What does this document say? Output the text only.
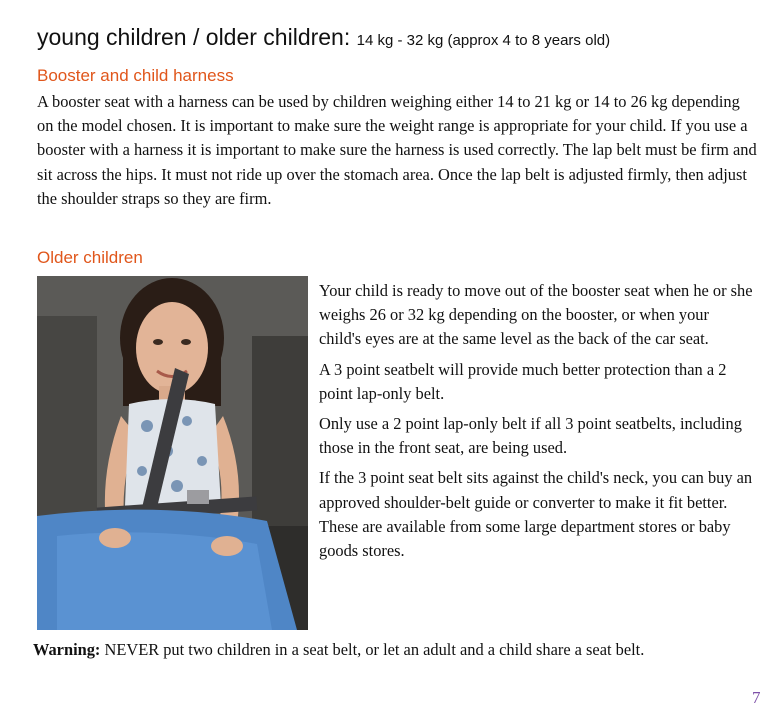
young children / older children: 14 kg - 32 kg (approx 4 to 8 years old)
Booster and child harness

A booster seat with a harness can be used by children weighing either 14 to 21 kg or 14 to 26 kg depending on the model chosen. It is important to make sure the weight range is appropriate for your child. If you use a booster with a harness it is important to make sure the harness is used correctly. The lap belt must be firm and sit across the hips. It must not ride up over the stomach area. Once the lap belt is adjusted firmly, then adjust the shoulder straps so they are firm.

Older children

Your child is ready to move out of the booster seat when he or she weighs 26 or 32 kg depending on the booster, or when your child's eyes are at the same level as the back of the car seat.

A 3 point seatbelt will provide much better protection than a 2 point lap-only belt.

Only use a 2 point lap-only belt if all 3 point seatbelts, including those in the front seat, are being used.

If the 3 point seat belt sits against the child's neck, you can buy an approved shoulder-belt guide or converter to make it fit better. These are available from some large department stores or baby goods stores.

Warning: NEVER put two children in a seat belt, or let an adult and a child share a seat belt.
7
